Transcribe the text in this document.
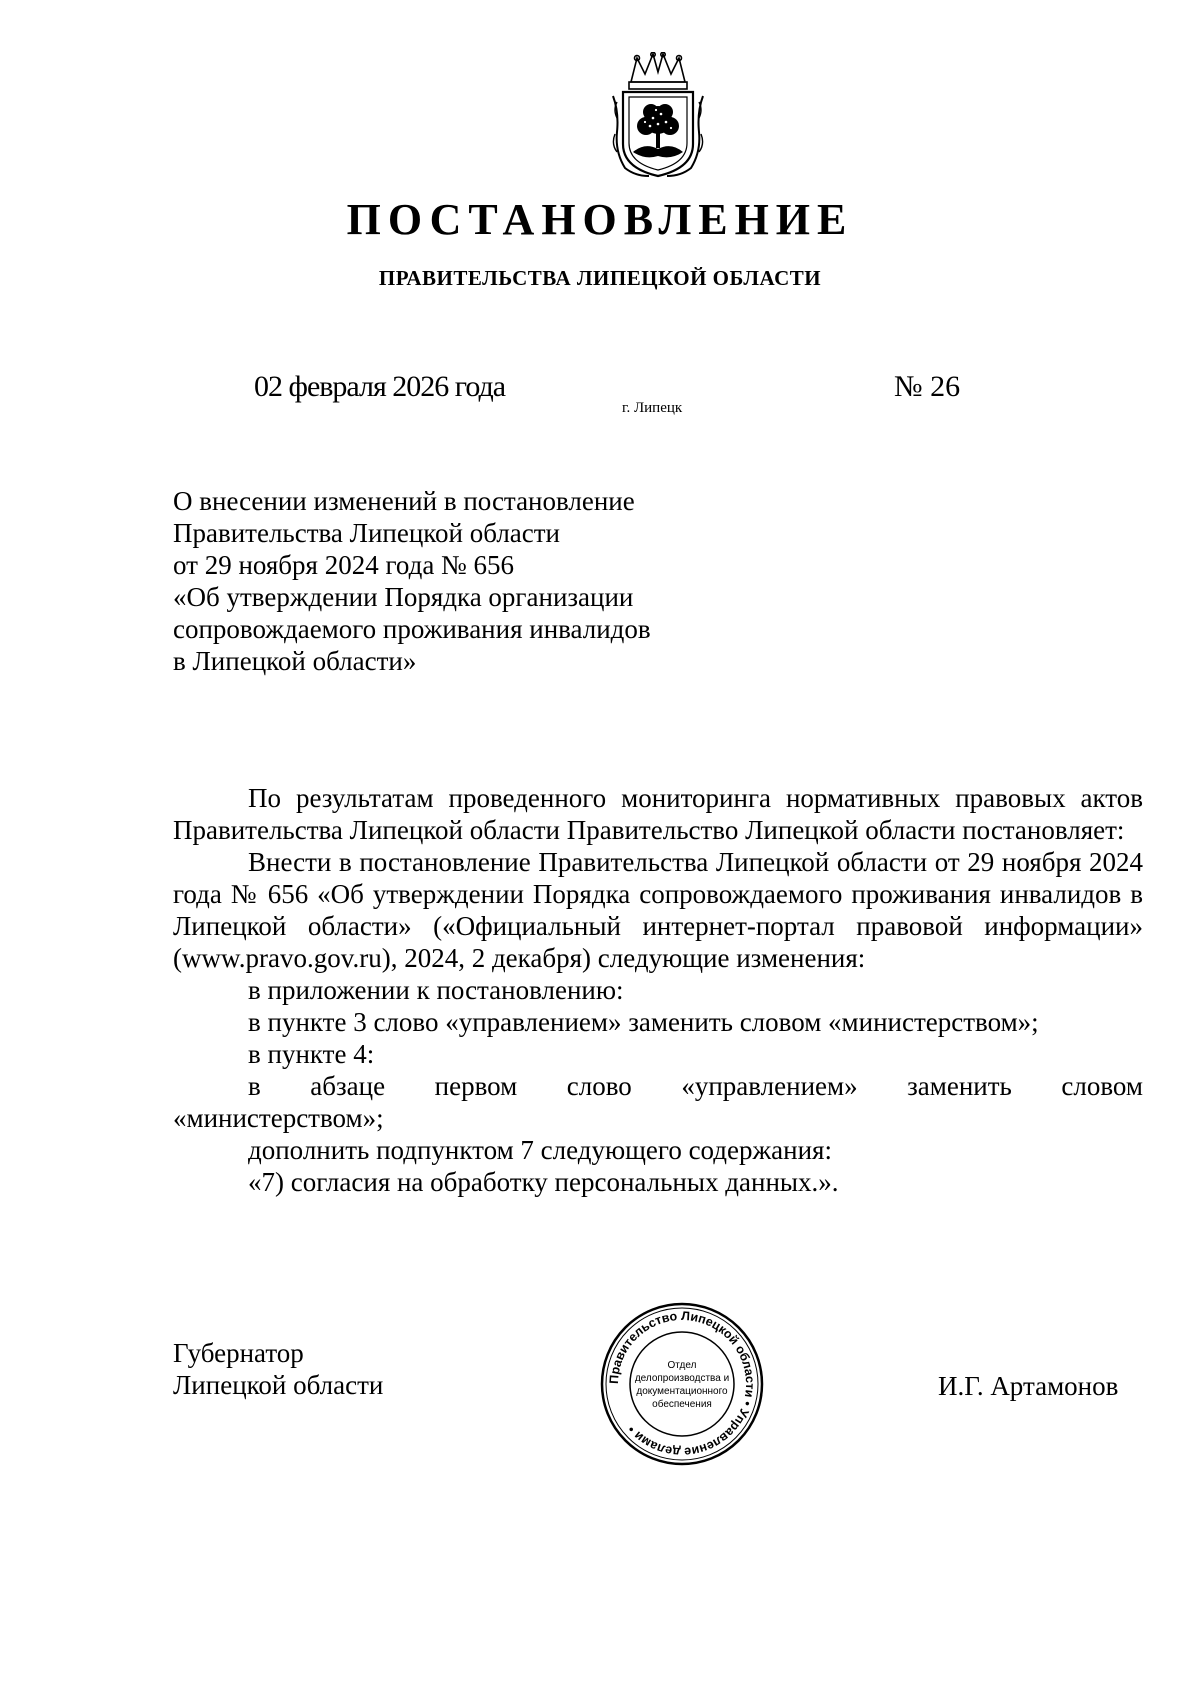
ПОСТАНОВЛЕНИЕ
ПРАВИТЕЛЬСТВА ЛИПЕЦКОЙ ОБЛАСТИ
02 февраля 2026 года
г. Липецк
№ 26
О внесении изменений в постановление
Правительства Липецкой области
от 29 ноября 2024 года № 656
«Об утверждении Порядка организации
сопровождаемого проживания инвалидов
в Липецкой области»

По результатам проведенного мониторинга нормативных правовых актов Правительства Липецкой области Правительство Липецкой области постановляет:

Внести в постановление Правительства Липецкой области от 29 ноября 2024 года № 656 «Об утверждении Порядка сопровождаемого проживания инвалидов в Липецкой области» («Официальный интернет-портал правовой информации» (www.pravo.gov.ru), 2024, 2 декабря) следующие изменения:

в приложении к постановлению:

в пункте 3 слово «управлением» заменить словом «министерством»;

в пункте 4:

в абзаце первом слово «управлением» заменить словом

«министерством»;

дополнить подпунктом 7 следующего содержания:

«7) согласия на обработку персональных данных.».

Губернатор
Липецкой области	И.Г. Артамонов
Правительство Липецкой области • Управление делами •
Отдел
делопроизводства и
документационного
обеспечения
